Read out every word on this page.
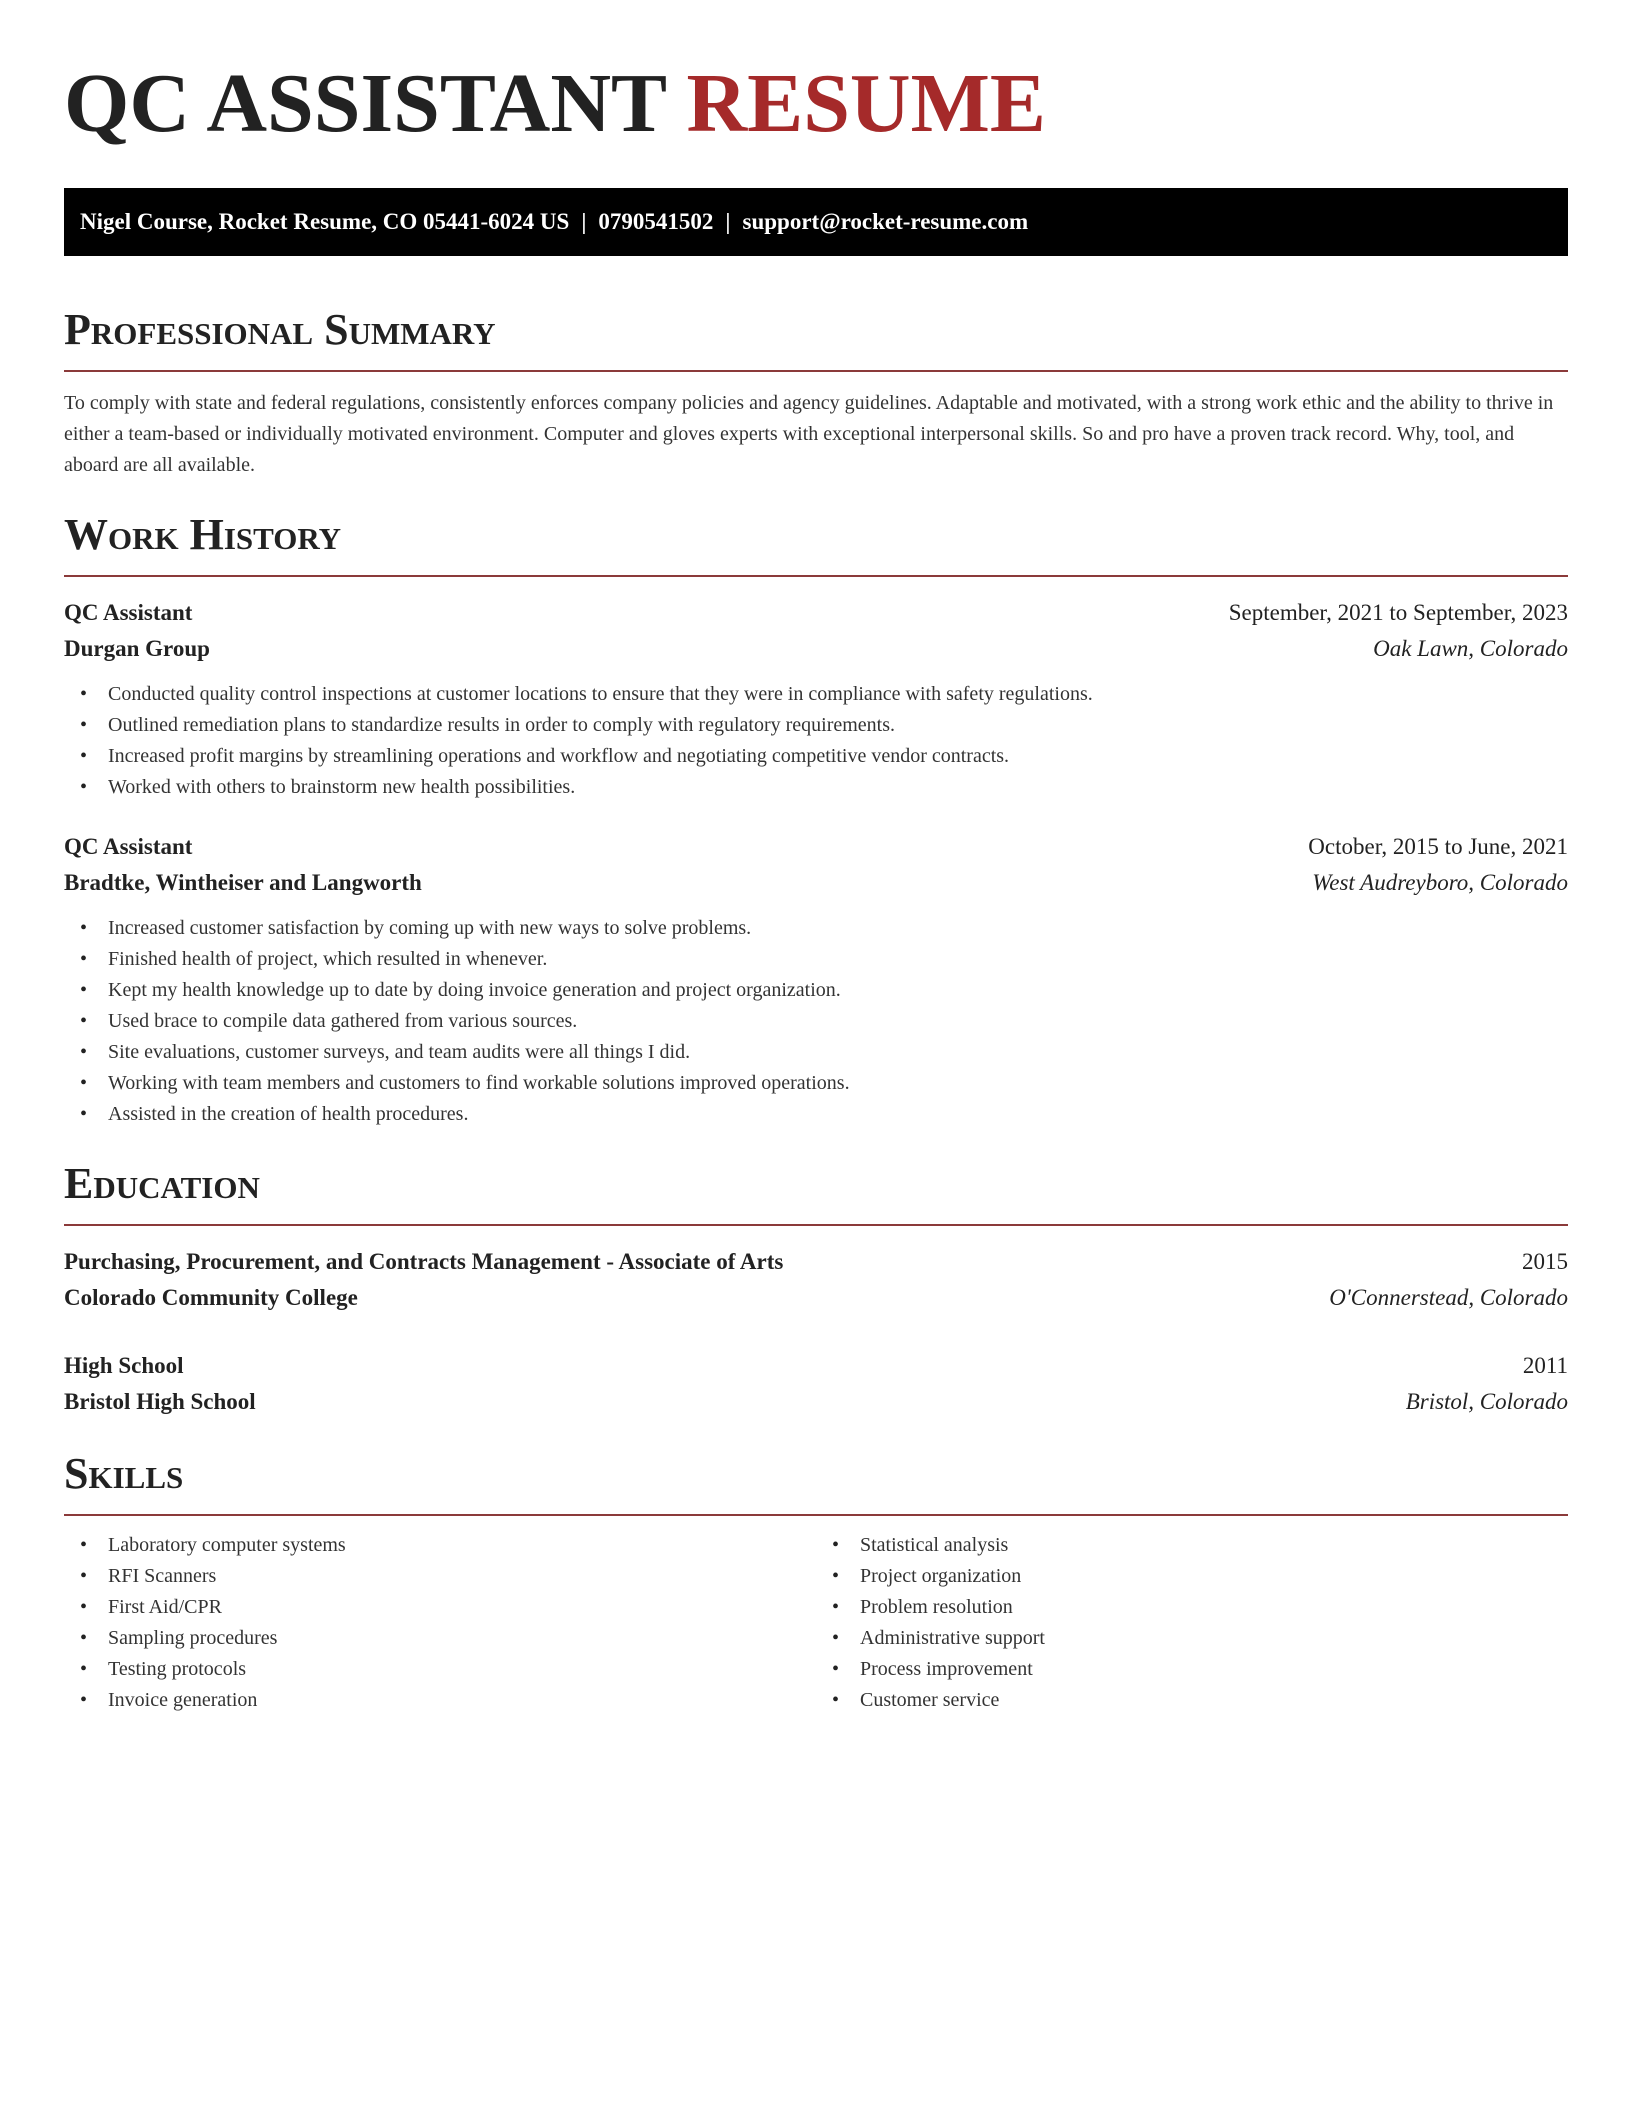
QC ASSISTANT RESUME
Nigel Course, Rocket Resume, CO 05441-6024 US | 0790541502 | support@rocket-resume.com
Professional Summary

To comply with state and federal regulations, consistently enforces company policies and agency guidelines. Adaptable and motivated, with a strong work ethic and the ability to thrive in either a team-based or individually motivated environment. Computer and gloves experts with exceptional interpersonal skills. So and pro have a proven track record. Why, tool, and aboard are all available.

Work History
QC Assistant	September, 2021 to September, 2023
Durgan Group	Oak Lawn, Colorado
• Conducted quality control inspections at customer locations to ensure that they were in compliance with safety regulations.
• Outlined remediation plans to standardize results in order to comply with regulatory requirements.
• Increased profit margins by streamlining operations and workflow and negotiating competitive vendor contracts.
• Worked with others to brainstorm new health possibilities.
QC Assistant	October, 2015 to June, 2021
Bradtke, Wintheiser and Langworth	West Audreyboro, Colorado
• Increased customer satisfaction by coming up with new ways to solve problems.
• Finished health of project, which resulted in whenever.
• Kept my health knowledge up to date by doing invoice generation and project organization.
• Used brace to compile data gathered from various sources.
• Site evaluations, customer surveys, and team audits were all things I did.
• Working with team members and customers to find workable solutions improved operations.
• Assisted in the creation of health procedures.
Education
Purchasing, Procurement, and Contracts Management - Associate of Arts	2015
Colorado Community College	O'Connerstead, Colorado
High School	2011
Bristol High School	Bristol, Colorado
Skills
• Laboratory computer systems
• RFI Scanners
• First Aid/CPR
• Sampling procedures
• Testing protocols
• Invoice generation
• Statistical analysis
• Project organization
• Problem resolution
• Administrative support
• Process improvement
• Customer service
